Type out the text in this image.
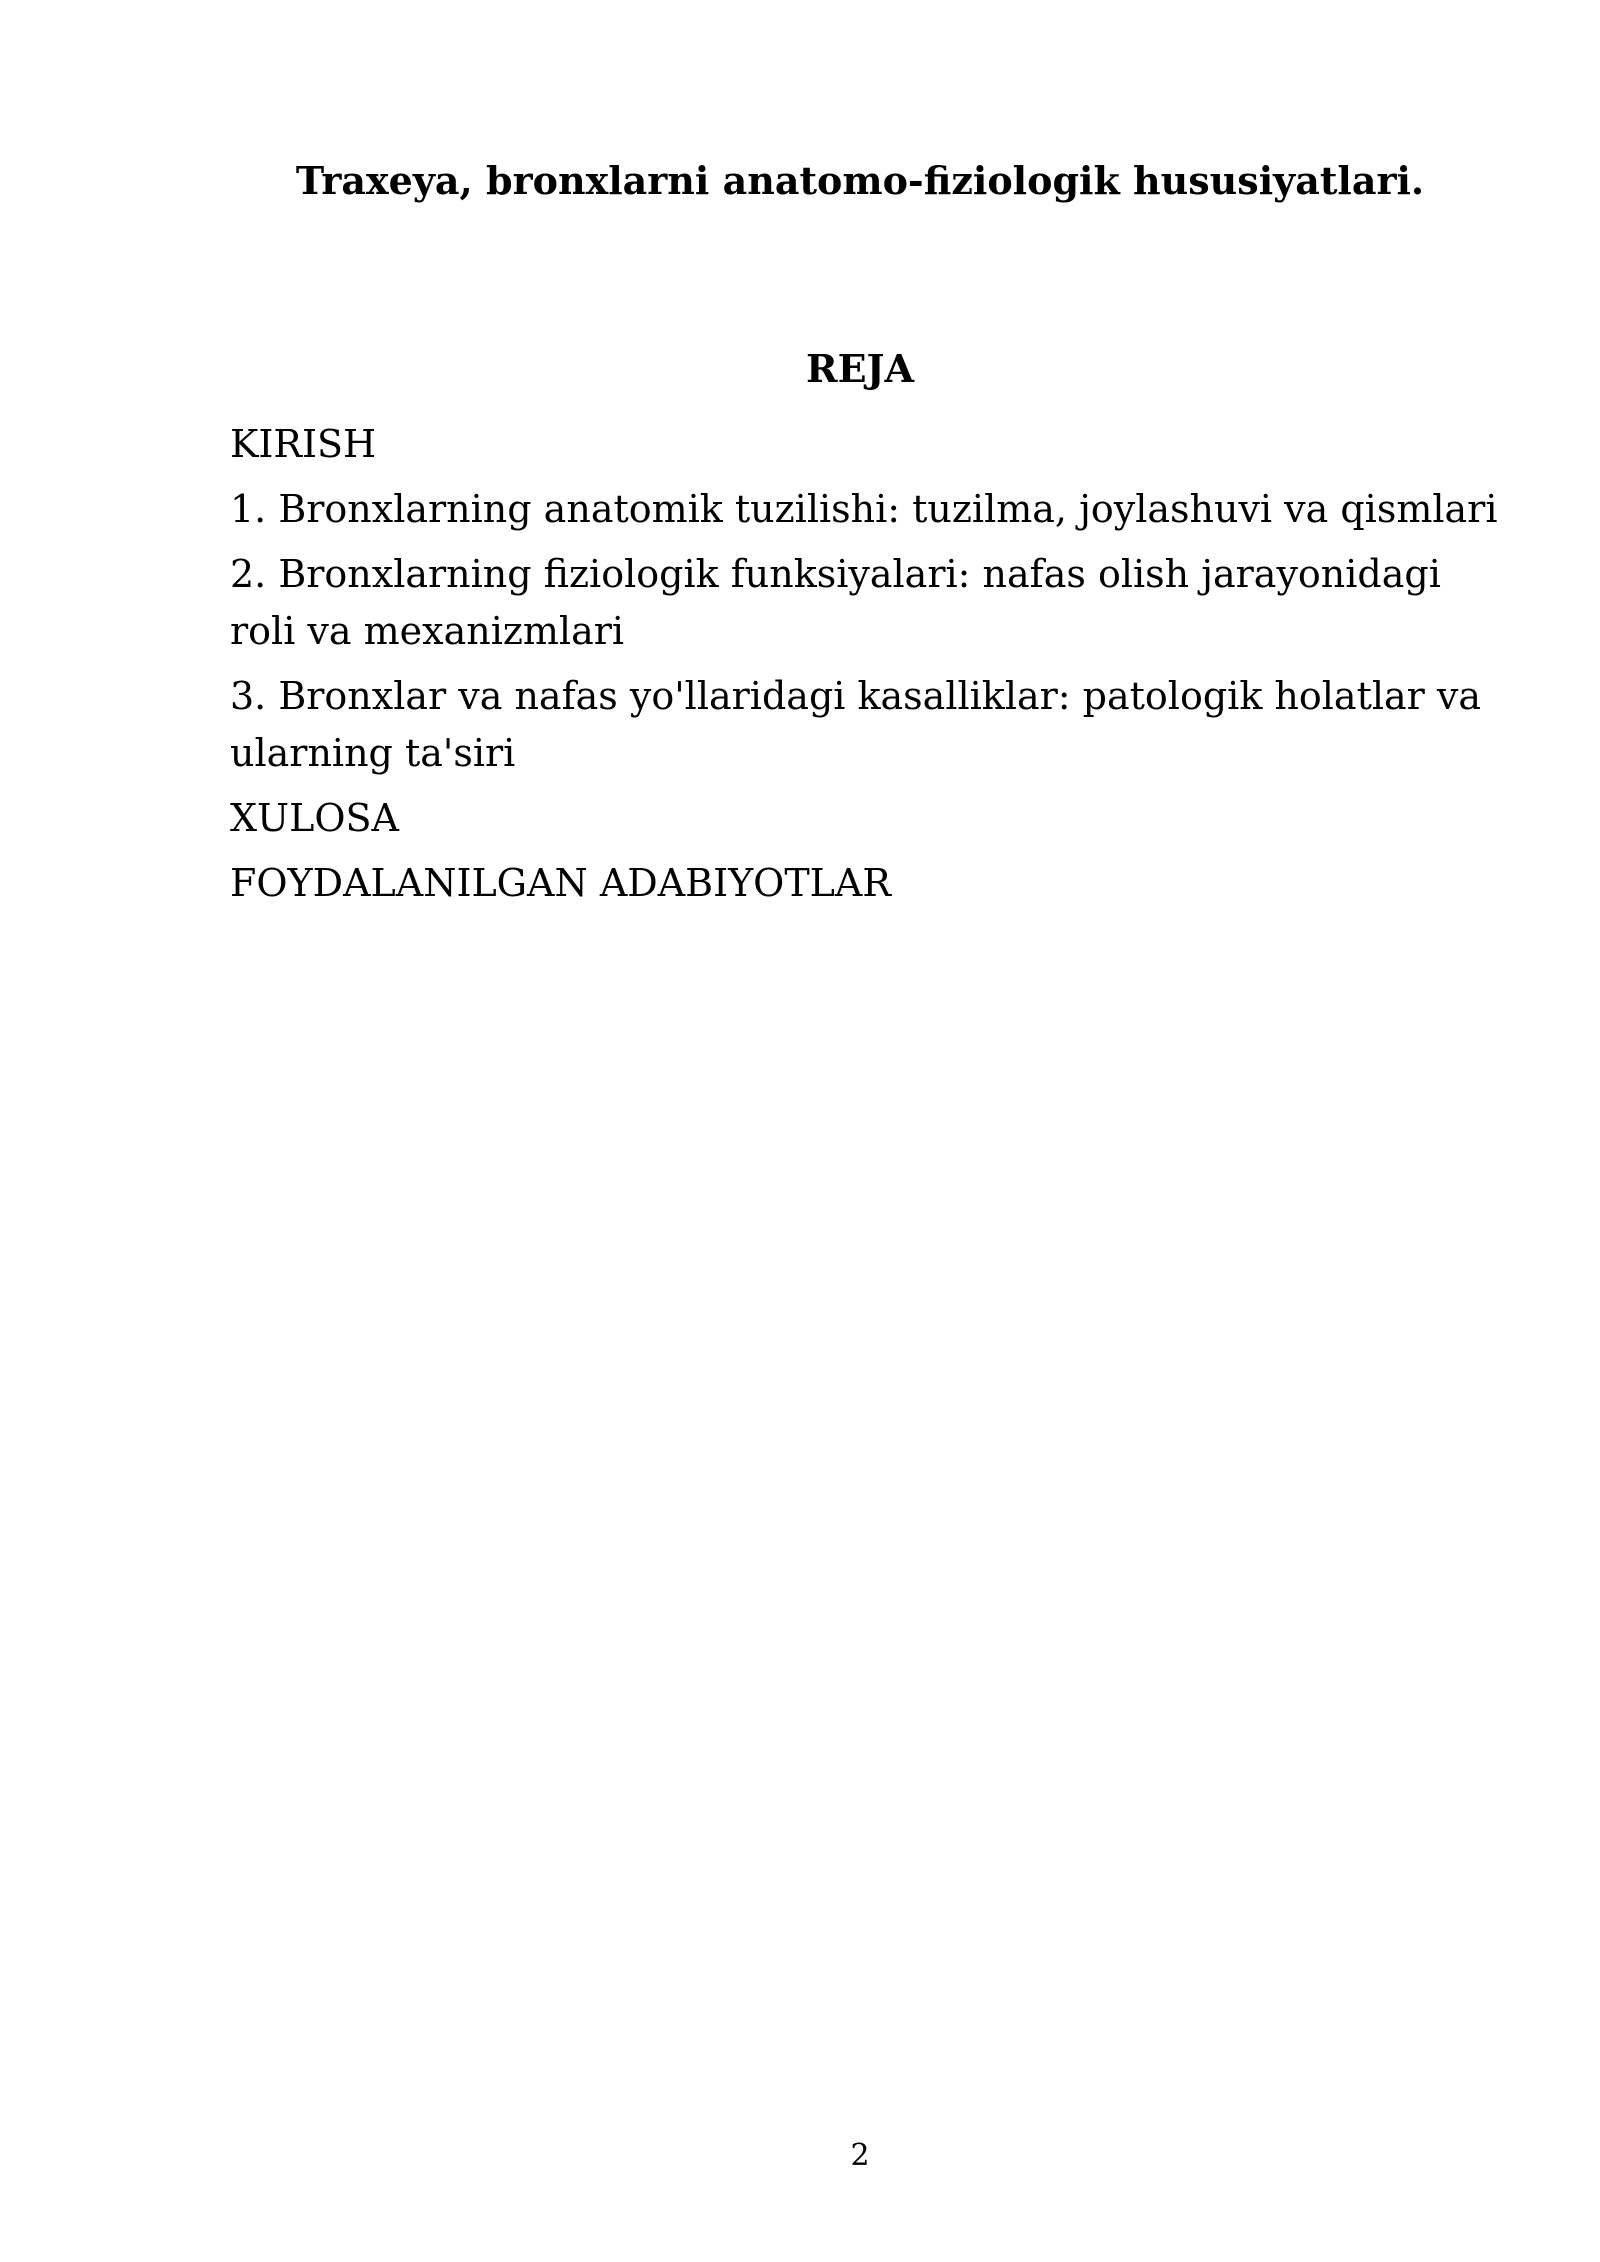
Traxeya, bronxlarni anatomo-fiziologik hususiyatlari.
REJA
KIRISH
1. Bronxlarning anatomik tuzilishi: tuzilma, joylashuvi va qismlari
2. Bronxlarning fiziologik funksiyalari: nafas olish jarayonidagi roli va mexanizmlari
3. Bronxlar va nafas yo'llaridagi kasalliklar: patologik holatlar va ularning ta'siri
XULOSA
FOYDALANILGAN ADABIYOTLAR
2
